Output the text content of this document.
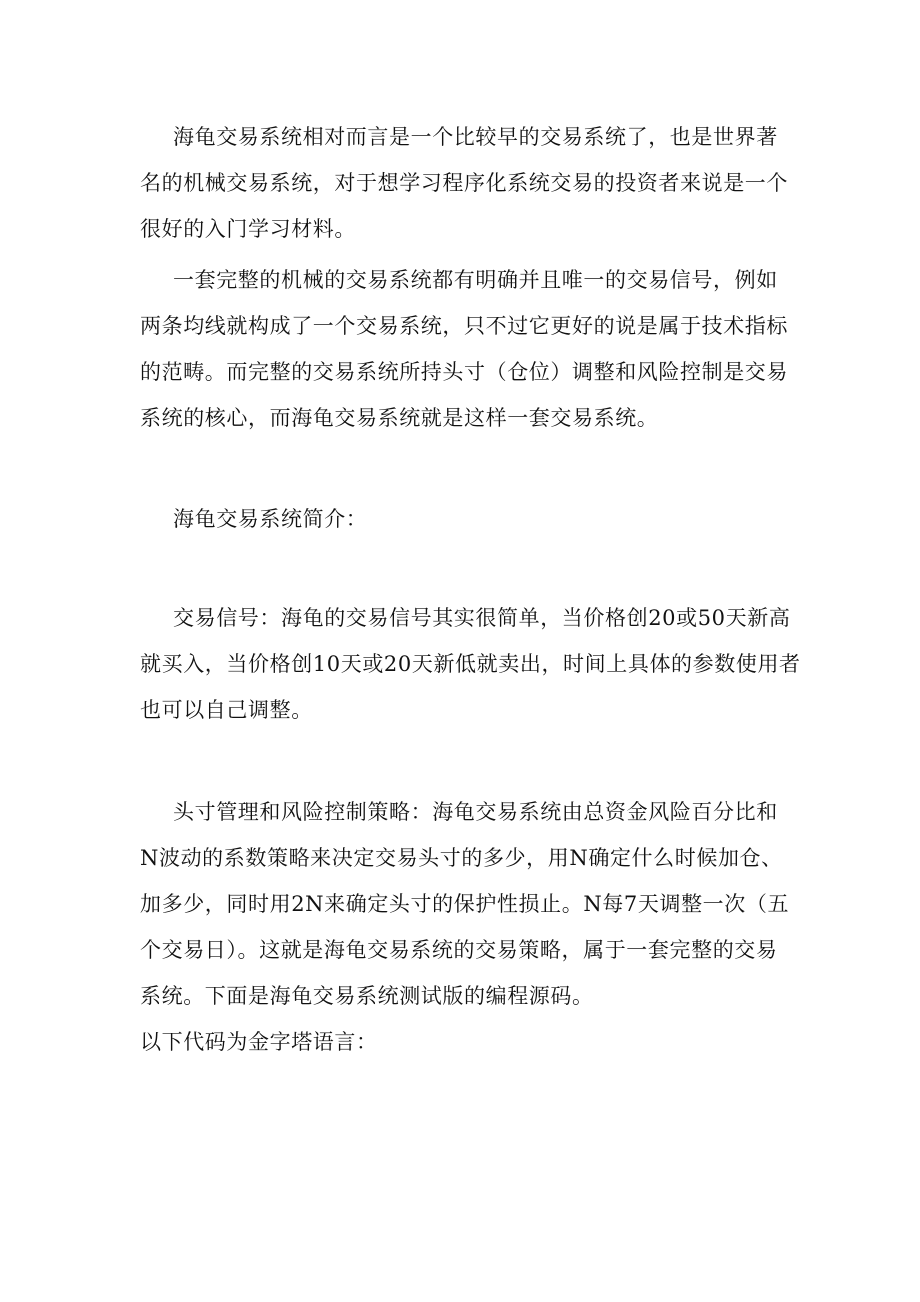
海龟交易系统相对而言是一个比较早的交易系统了，也是世界著
名的机械交易系统，对于想学习程序化系统交易的投资者来说是一个
很好的入门学习材料。
一套完整的机械的交易系统都有明确并且唯一的交易信号，例如
两条均线就构成了一个交易系统，只不过它更好的说是属于技术指标
的范畴。而完整的交易系统所持头寸（仓位）调整和风险控制是交易
系统的核心，而海龟交易系统就是这样一套交易系统。
海龟交易系统简介：
交易信号：海龟的交易信号其实很简单，当价格创20或50天新高
就买入，当价格创10天或20天新低就卖出，时间上具体的参数使用者
也可以自己调整。
头寸管理和风险控制策略：海龟交易系统由总资金风险百分比和
N波动的系数策略来决定交易头寸的多少，用N确定什么时候加仓、
加多少，同时用2N来确定头寸的保护性损止。N每7天调整一次（五
个交易日）。这就是海龟交易系统的交易策略，属于一套完整的交易
系统。下面是海龟交易系统测试版的编程源码。
以下代码为金字塔语言：
